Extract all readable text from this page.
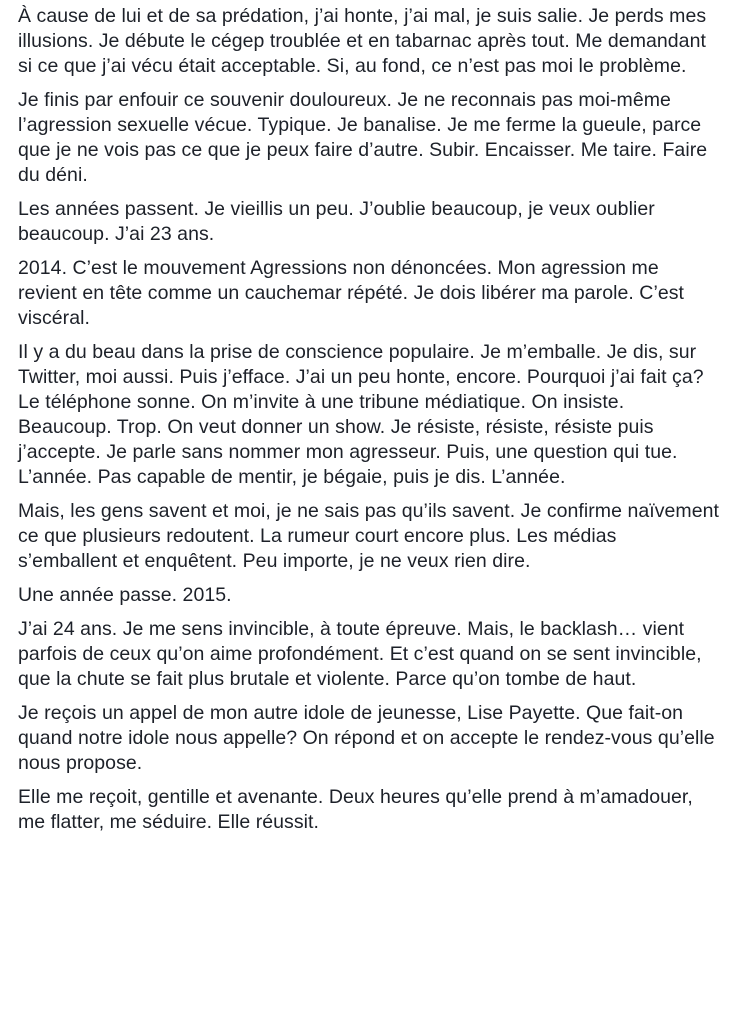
À cause de lui et de sa prédation, j’ai honte, j’ai mal, je suis salie. Je perds mes illusions. Je débute le cégep troublée et en tabarnac après tout. Me demandant si ce que j’ai vécu était acceptable. Si, au fond, ce n’est pas moi le problème.

Je finis par enfouir ce souvenir douloureux. Je ne reconnais pas moi-même l’agression sexuelle vécue. Typique. Je banalise. Je me ferme la gueule, parce que je ne vois pas ce que je peux faire d’autre. Subir. Encaisser. Me taire. Faire du déni.

Les années passent. Je vieillis un peu. J’oublie beaucoup, je veux oublier beaucoup. J’ai 23 ans.

2014. C’est le mouvement Agressions non dénoncées. Mon agression me revient en tête comme un cauchemar répété. Je dois libérer ma parole. C’est viscéral.

Il y a du beau dans la prise de conscience populaire. Je m’emballe. Je dis, sur Twitter, moi aussi. Puis j’efface. J’ai un peu honte, encore. Pourquoi j’ai fait ça? Le téléphone sonne. On m’invite à une tribune médiatique. On insiste. Beaucoup. Trop. On veut donner un show. Je résiste, résiste, résiste puis j’accepte. Je parle sans nommer mon agresseur. Puis, une question qui tue. L’année. Pas capable de mentir, je bégaie, puis je dis. L’année.

Mais, les gens savent et moi, je ne sais pas qu’ils savent. Je confirme naïvement ce que plusieurs redoutent. La rumeur court encore plus. Les médias s’emballent et enquêtent. Peu importe, je ne veux rien dire.

Une année passe. 2015.

J’ai 24 ans. Je me sens invincible, à toute épreuve. Mais, le backlash… vient parfois de ceux qu’on aime profondément. Et c’est quand on se sent invincible, que la chute se fait plus brutale et violente. Parce qu’on tombe de haut.

Je reçois un appel de mon autre idole de jeunesse, Lise Payette. Que fait-on quand notre idole nous appelle? On répond et on accepte le rendez-vous qu’elle nous propose.

Elle me reçoit, gentille et avenante. Deux heures qu’elle prend à m’amadouer, me flatter, me séduire. Elle réussit.
